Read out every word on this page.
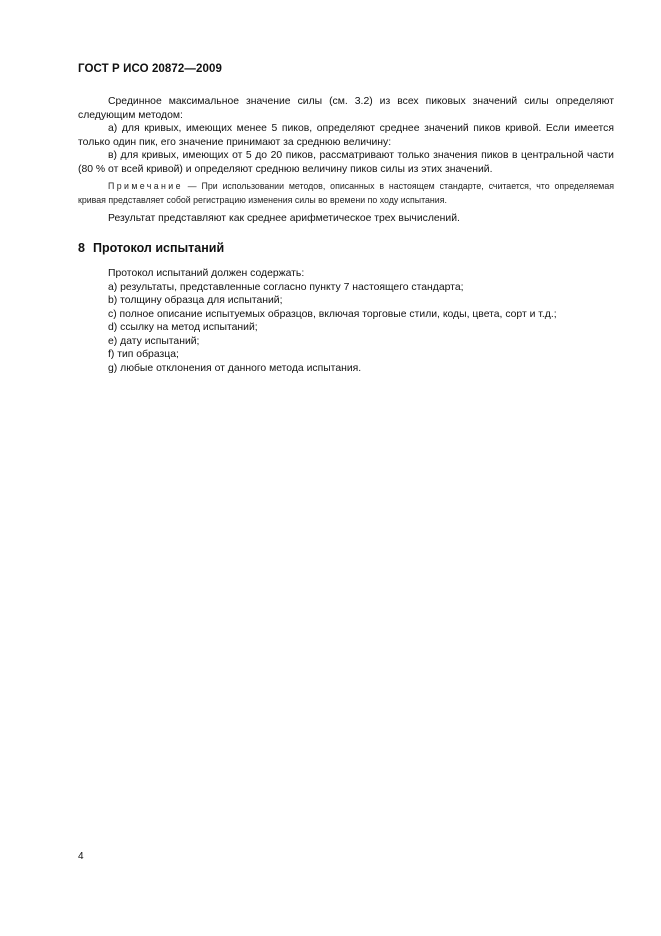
ГОСТ Р ИСО 20872—2009

Срединное максимальное значение силы (см. 3.2) из всех пиковых значений силы определяют следующим методом:

а) для кривых, имеющих менее 5 пиков, определяют среднее значений пиков кривой. Если имеется только один пик, его значение принимают за среднюю величину:

в) для кривых, имеющих от 5 до 20 пиков, рассматривают только значения пиков в центральной части (80 % от всей кривой) и определяют среднюю величину пиков силы из этих значений.

Примечание — При использовании методов, описанных в настоящем стандарте, считается, что определяемая кривая представляет собой регистрацию изменения силы во времени по ходу испытания.

Результат представляют как среднее арифметическое трех вычислений.

8 Протокол испытаний

Протокол испытаний должен содержать:

а) результаты, представленные согласно пункту 7 настоящего стандарта;

b) толщину образца для испытаний;

c) полное описание испытуемых образцов, включая торговые стили, коды, цвета, сорт и т.д.;

d) ссылку на метод испытаний;

e) дату испытаний;

f) тип образца;

g) любые отклонения от данного метода испытания.

4
